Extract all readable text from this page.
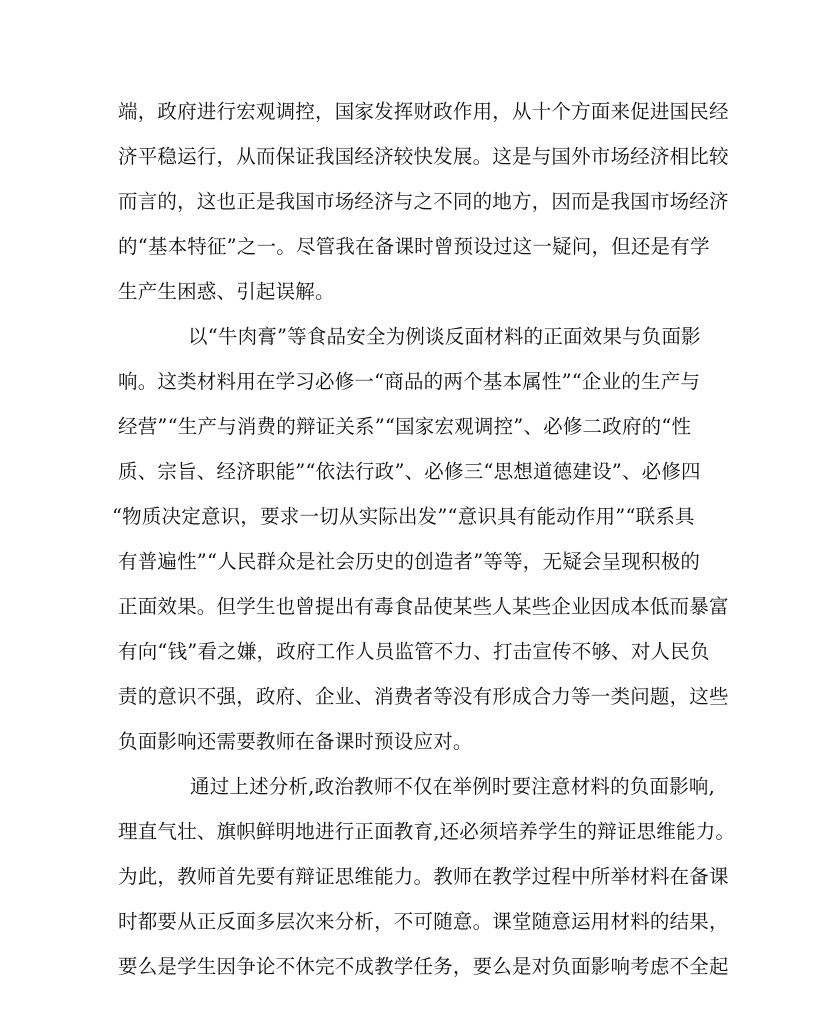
端，政府进行宏观调控，国家发挥财政作用，从十个方面来促进国民经
济平稳运行，从而保证我国经济较快发展。这是与国外市场经济相比较
而言的，这也正是我国市场经济与之不同的地方，因而是我国市场经济
的“基本特征”之一。尽管我在备课时曾预设过这一疑问，但还是有学
生产生困惑、引起误解。
以“牛肉膏”等食品安全为例谈反面材料的正面效果与负面影
响。这类材料用在学习必修一“商品的两个基本属性”“企业的生产与
经营”“生产与消费的辩证关系”“国家宏观调控”、必修二政府的“性
质、宗旨、经济职能”“依法行政”、必修三“思想道德建设”、必修四
“物质决定意识，要求一切从实际出发”“意识具有能动作用”“联系具
有普遍性”“人民群众是社会历史的创造者”等等，无疑会呈现积极的
正面效果。但学生也曾提出有毒食品使某些人某些企业因成本低而暴富
有向“钱”看之嫌，政府工作人员监管不力、打击宣传不够、对人民负
责的意识不强，政府、企业、消费者等没有形成合力等一类问题，这些
负面影响还需要教师在备课时预设应对。
通过上述分析,政治教师不仅在举例时要注意材料的负面影响,
理直气壮、旗帜鲜明地进行正面教育,还必须培养学生的辩证思维能力。
为此，教师首先要有辩证思维能力。教师在教学过程中所举材料在备课
时都要从正反面多层次来分析，不可随意。课堂随意运用材料的结果，
要么是学生因争论不休完不成教学任务，要么是对负面影响考虑不全起
